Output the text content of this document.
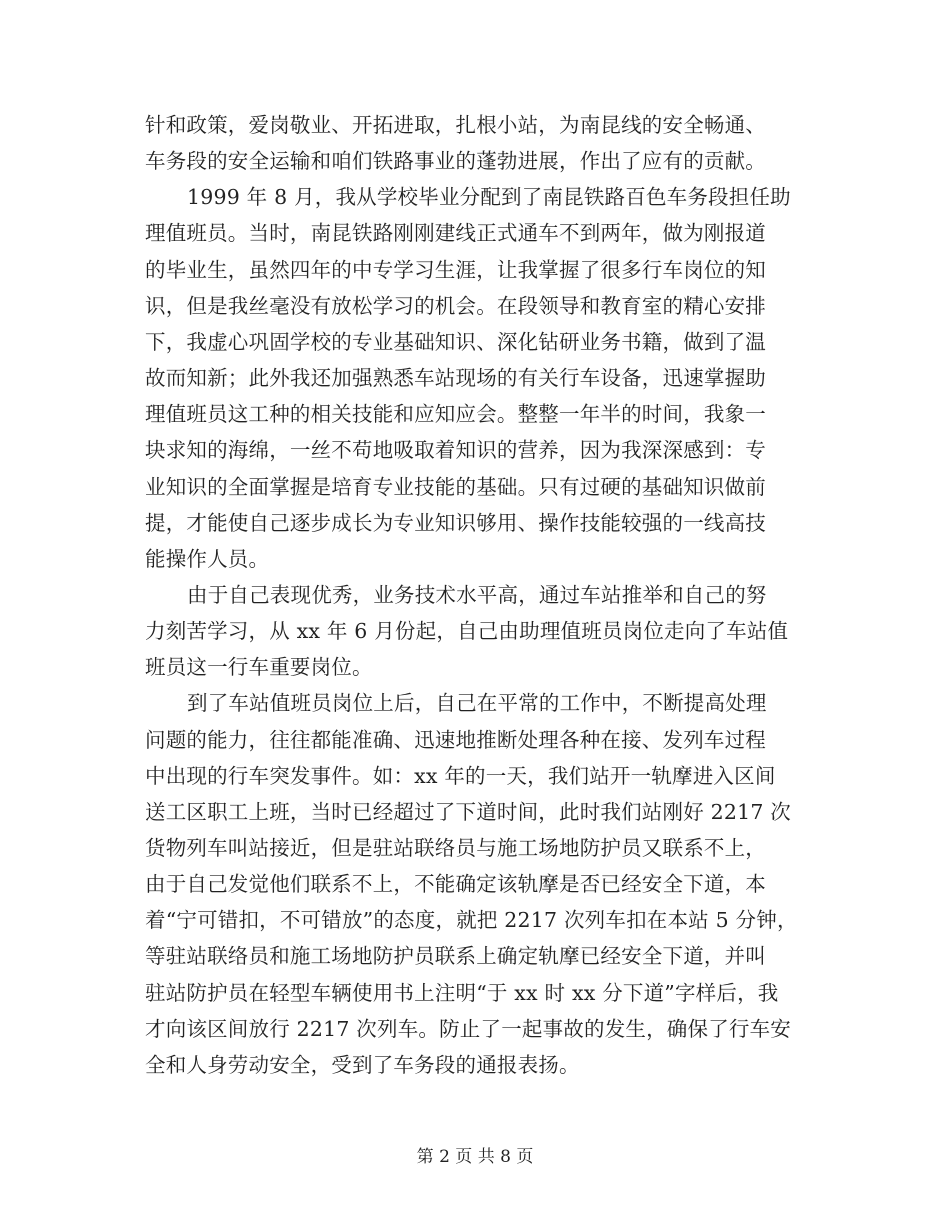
针和政策，爱岗敬业、开拓进取，扎根小站，为南昆线的安全畅通、
车务段的安全运输和咱们铁路事业的蓬勃进展，作出了应有的贡献。
1999 年 8 月，我从学校毕业分配到了南昆铁路百色车务段担任助
理值班员。当时，南昆铁路刚刚建线正式通车不到两年，做为刚报道
的毕业生，虽然四年的中专学习生涯，让我掌握了很多行车岗位的知
识，但是我丝毫没有放松学习的机会。在段领导和教育室的精心安排
下，我虚心巩固学校的专业基础知识、深化钻研业务书籍，做到了温
故而知新；此外我还加强熟悉车站现场的有关行车设备，迅速掌握助
理值班员这工种的相关技能和应知应会。整整一年半的时间，我象一
块求知的海绵，一丝不苟地吸取着知识的营养，因为我深深感到：专
业知识的全面掌握是培育专业技能的基础。只有过硬的基础知识做前
提，才能使自己逐步成长为专业知识够用、操作技能较强的一线高技
能操作人员。
由于自己表现优秀，业务技术水平高，通过车站推举和自己的努
力刻苦学习，从 xx 年 6 月份起，自己由助理值班员岗位走向了车站值
班员这一行车重要岗位。
到了车站值班员岗位上后，自己在平常的工作中，不断提高处理
问题的能力，往往都能准确、迅速地推断处理各种在接、发列车过程
中出现的行车突发事件。如：xx 年的一天，我们站开一轨摩进入区间
送工区职工上班，当时已经超过了下道时间，此时我们站刚好 2217 次
货物列车叫站接近，但是驻站联络员与施工场地防护员又联系不上，
由于自己发觉他们联系不上，不能确定该轨摩是否已经安全下道，本
着“宁可错扣，不可错放”的态度，就把 2217 次列车扣在本站 5 分钟，
等驻站联络员和施工场地防护员联系上确定轨摩已经安全下道，并叫
驻站防护员在轻型车辆使用书上注明“于 xx 时 xx 分下道”字样后，我
才向该区间放行 2217 次列车。防止了一起事故的发生，确保了行车安
全和人身劳动安全，受到了车务段的通报表扬。
第 2 页 共 8 页
